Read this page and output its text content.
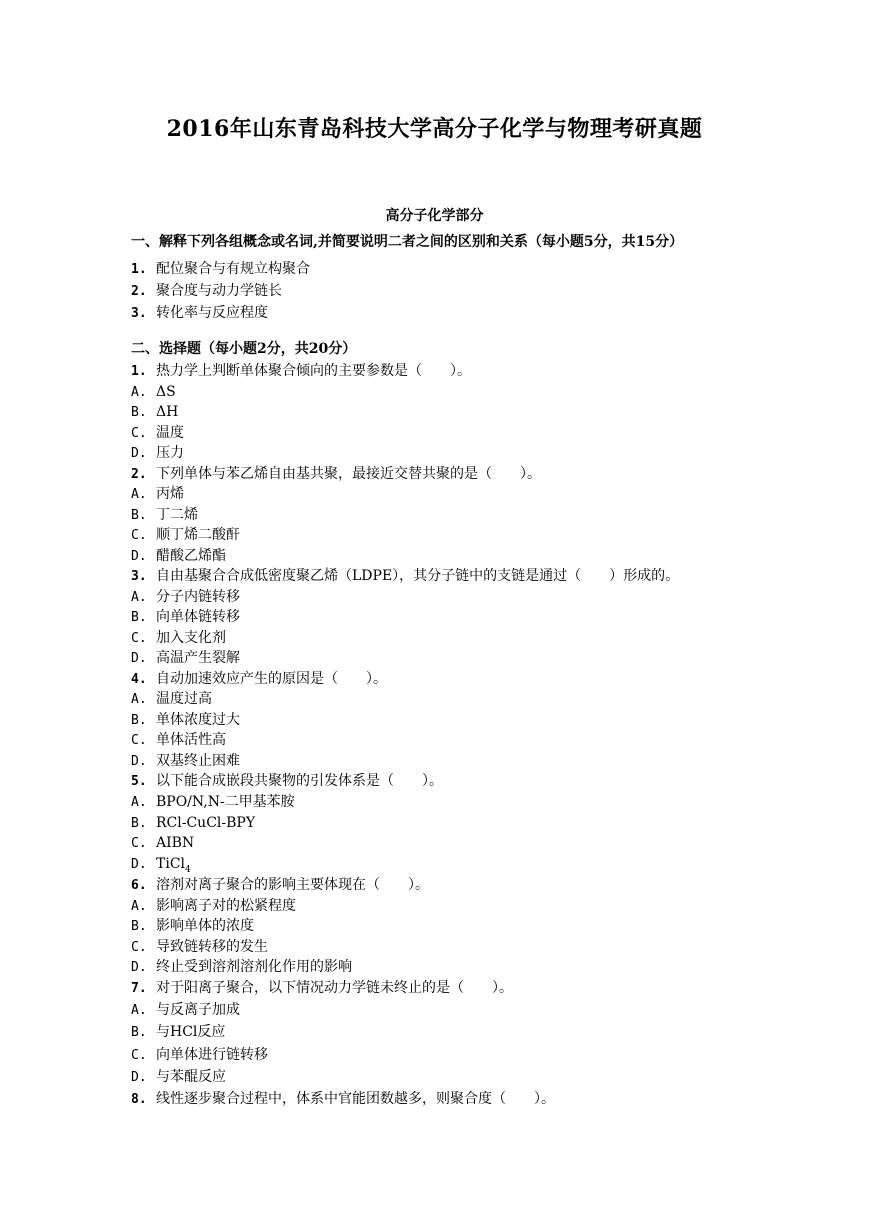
2016年山东青岛科技大学高分子化学与物理考研真题
高分子化学部分
一、解释下列各组概念或名词,并简要说明二者之间的区别和关系（每小题5分，共15分）
1. 配位聚合与有规立构聚合
2. 聚合度与动力学链长
3. 转化率与反应程度
二、选择题（每小题2分，共20分）
1. 热力学上判断单体聚合倾向的主要参数是（　　）。
A. ΔS
B. ΔH
C. 温度
D. 压力
2. 下列单体与苯乙烯自由基共聚，最接近交替共聚的是（　　）。
A. 丙烯
B. 丁二烯
C. 顺丁烯二酸酐
D. 醋酸乙烯酯
3. 自由基聚合合成低密度聚乙烯（LDPE），其分子链中的支链是通过（　　）形成的。
A. 分子内链转移
B. 向单体链转移
C. 加入支化剂
D. 高温产生裂解
4. 自动加速效应产生的原因是（　　）。
A. 温度过高
B. 单体浓度过大
C. 单体活性高
D. 双基终止困难
5. 以下能合成嵌段共聚物的引发体系是（　　）。
A. BPO/N,N-二甲基苯胺
B. RCl-CuCl-BPY
C. AIBN
D. TiCl$_4$
6. 溶剂对离子聚合的影响主要体现在（　　）。
A. 影响离子对的松紧程度
B. 影响单体的浓度
C. 导致链转移的发生
D. 终止受到溶剂溶剂化作用的影响
7. 对于阳离子聚合，以下情况动力学链未终止的是（　　）。
A. 与反离子加成
B. 与HCl反应
C. 向单体进行链转移
D. 与苯醌反应
8. 线性逐步聚合过程中，体系中官能团数越多，则聚合度（　　）。
